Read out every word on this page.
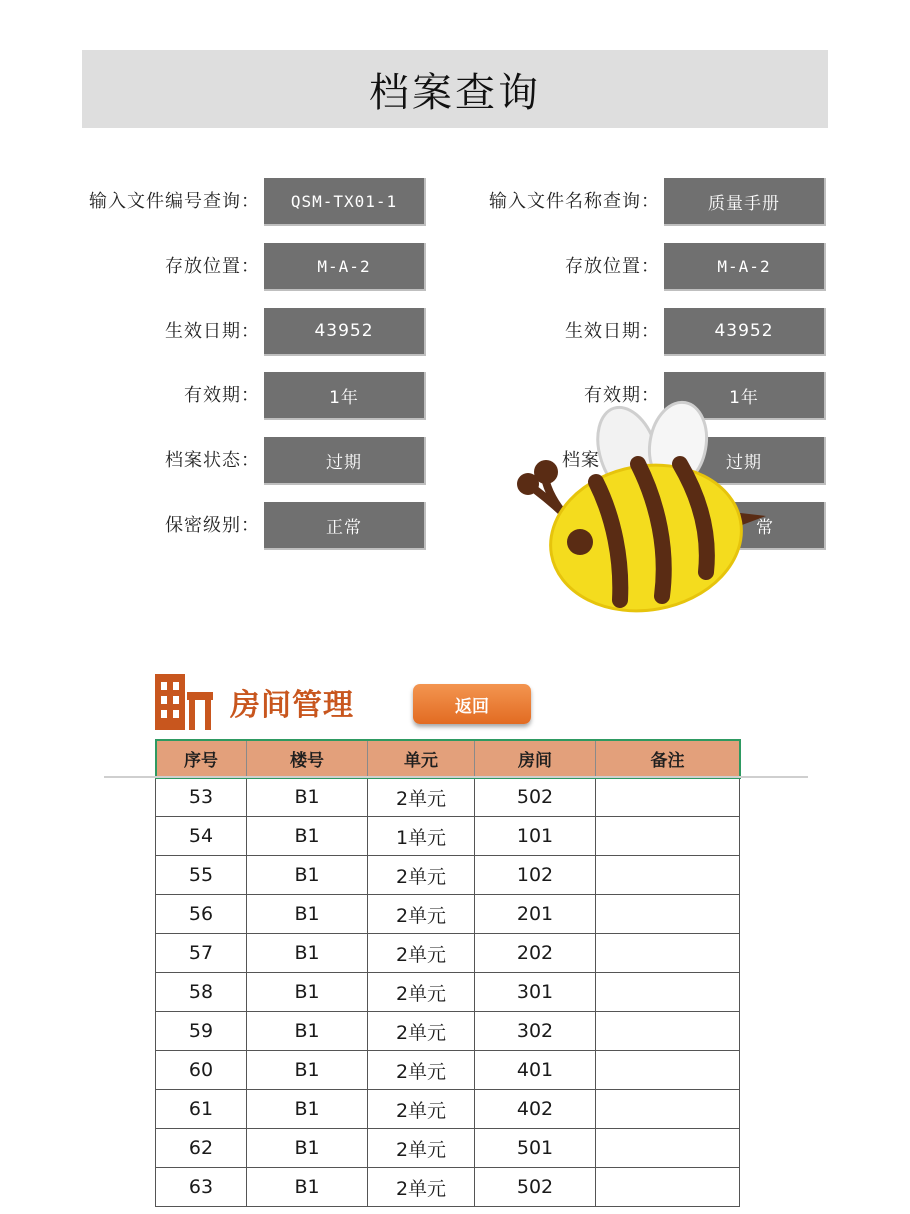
档案查询
输入文件编号查询：	QSM-TX01-1
存放位置：	M-A-2
生效日期：	43952
有效期：	1年
档案状态：	过期
保密级别：	正常
输入文件名称查询：	质量手册
存放位置：	M-A-2
生效日期：	43952
有效期：	1年
档案	过期
常
房间管理	返回
序号	楼号	单元	房间	备注
53	B1	2单元	502	
54	B1	1单元	101	
55	B1	2单元	102	
56	B1	2单元	201	
57	B1	2单元	202	
58	B1	2单元	301	
59	B1	2单元	302	
60	B1	2单元	401	
61	B1	2单元	402	
62	B1	2单元	501	
63	B1	2单元	502	
